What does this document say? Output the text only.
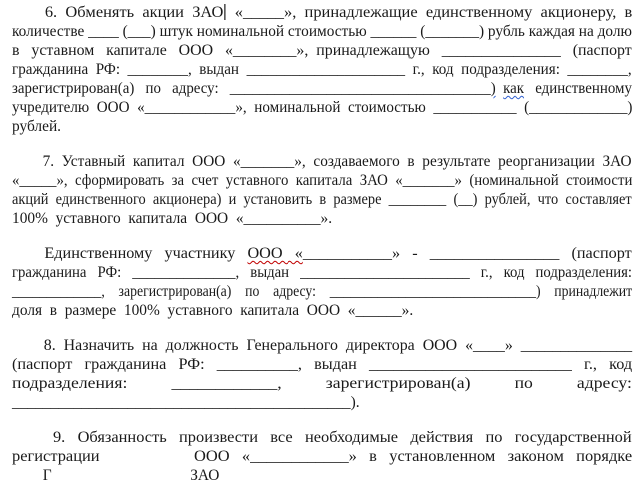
6.  Обменять  акции  ЗАО  «_____»,  принадлежащие  единственному  акционеру,  в
количестве ____ (___) штук номинальной стоимостью ______ (_______) рубль каждая на долю
в   уставном   капитале   ООО   «________»,  принадлежащую   _______________   (паспорт
гражданина  РФ:  ________,  выдан  _____________________  г.,  код  подразделения:  ________,
зарегистрирован(а)   по   адресу:   ___________________________________) как   единственному
учредителю  ООО  «____________»,  номинальной  стоимостью  ___________  (_____________)
рублей.
7.  Уставный  капитал  ООО  «_______»,  создаваемого  в  результате  реорганизации  ЗАО
«_____»,  сформировать  за  счет  уставного  капитала  ЗАО  «_______»  (номинальной  стоимости
акций  единственного  акционера)  и  установить  в  размере  ________  (__)  рублей,  что  составляет
100%  уставного  капитала  ООО  «__________».
Единственному   участнику   ООО   «___________»   -   ________________   (паспорт
гражданина   РФ:   ______________,   выдан   _______________________   г.,   код   подразделения:
_____________,    зарегистрирован(а)    по    адресу:    ______________________________)    принадлежит
доля  в  размере  100%  уставного  капитала  ООО  «______».
8.  Назначить  на  должность  Генерального  директора  ООО  «____»  ______________
(паспорт   гражданина   РФ:   __________,   выдан   _________________________   г.,   код
подразделения:          ____________,          зарегистрирован(а)          по          адресу:
____________________________________________).
9.   Обязанность   произвести   все   необходимые   действия   по   государственной
регистрации                       ООО   «____________»   в   установленном   законом   порядке
Г                                    ЗАО
